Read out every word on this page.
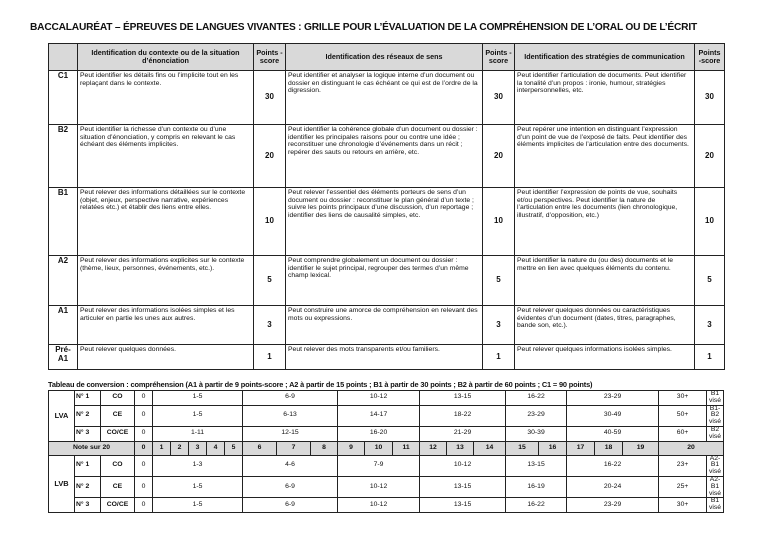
BACCALAURÉAT – ÉPREUVES DE LANGUES VIVANTES : GRILLE POUR L’ÉVALUATION DE LA COMPRÉHENSION DE L’ORAL OU DE L’ÉCRIT
	Identification du contexte ou de la situation d’énonciation	Points -score	Identification des réseaux de sens	Points -score	Identification des stratégies de communication	Points -score
C1	Peut identifier les détails fins ou l’implicite tout en les replaçant dans le contexte.	30	Peut identifier et analyser la logique interne d’un document ou dossier en distinguant le cas échéant ce qui est de l’ordre de la digression.	30	Peut identifier l’articulation de documents. Peut identifier la tonalité d’un propos : ironie, humour, stratégies interpersonnelles, etc.	30
B2	Peut identifier la richesse d’un contexte ou d’une situation d’énonciation, y compris en relevant le cas échéant des éléments implicites.	20	Peut identifier la cohérence globale d’un document ou dossier : identifier les principales raisons pour ou contre une idée ; reconstituer une chronologie d’événements dans un récit ; repérer des sauts ou retours en arrière, etc.	20	Peut repérer une intention en distinguant l’expression d’un point de vue de l’exposé de faits. Peut identifier des éléments implicites de l’articulation entre des documents.	20
B1	Peut relever des informations détaillées sur le contexte (objet, enjeux, perspective narrative, expériences relatées etc.) et établir des liens entre elles.	10	Peut relever l’essentiel des éléments porteurs de sens d’un document ou dossier : reconstituer le plan général d’un texte ; suivre les points principaux d’une discussion, d’un reportage ; identifier des liens de causalité simples, etc.	10	Peut identifier l’expression de points de vue, souhaits et/ou perspectives. Peut identifier la nature de l’articulation entre les documents (lien chronologique, illustratif, d’opposition, etc.)	10
A2	Peut relever des informations explicites sur le contexte (thème, lieux, personnes, événements, etc.).	5	Peut comprendre globalement un document ou dossier : identifier le sujet principal, regrouper des termes d’un même champ lexical.	5	Peut identifier la nature du (ou des) documents et le mettre en lien avec quelques éléments du contenu.	5
A1	Peut relever des informations isolées simples et les articuler en partie les unes aux autres.	3	Peut construire une amorce de compréhension en relevant des mots ou expressions.	3	Peut relever quelques données ou caractéristiques évidentes d’un document (dates, titres, paragraphes, bande son, etc.).	3
Pré-A1	Peut relever quelques données.	1	Peut relever des mots transparents et/ou familiers.	1	Peut relever quelques informations isolées simples.	1
Tableau de conversion : compréhension (A1 à partir de 9 points-score ; A2 à partir de 15 points ; B1 à partir de 30 points ; B2 à partir de 60 points ; C1 = 90 points)
LVA	N° 1	CO	0	1-5					6-9			10-12			13-15			16-22		23-29			30+	B1 visé
	N° 2	CE	0	1-5					6-13			14-17			18-22			23-29		30-49			50+	B1-B2 visé
	N° 3	CO/CE	0	1-11					12-15			16-20			21-29			30-39		40-59			60+	B2 visé
Note sur 20			0	1	2	3	4	5	6	7	8	9	10	11	12	13	14	15	16	17	18	19	20	
LVB	N° 1	CO	0	1-3					4-6			7-9			10-12			13-15		16-22			23+	A2-B1 visé
	N° 2	CE	0	1-5					6-9			10-12			13-15			16-19		20-24			25+	A2-B1 visé
	N° 3	CO/CE	0	1-5					6-9			10-12			13-15			16-22		23-29			30+	B1 visé
